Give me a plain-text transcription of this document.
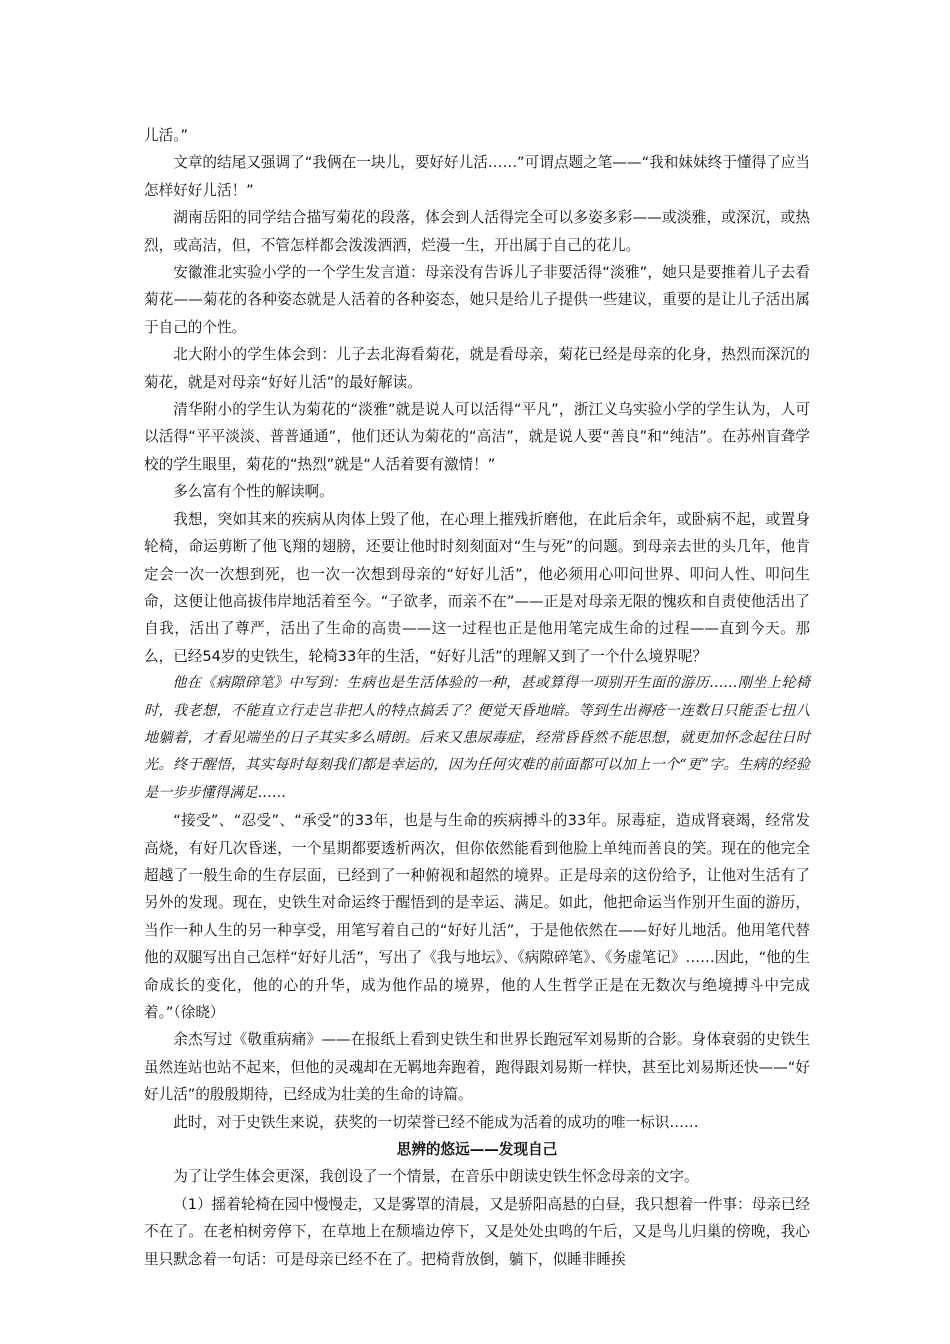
儿活。”

文章的结尾又强调了“我俩在一块儿，要好好儿活……”可谓点题之笔——“我和妹妹终于懂得了应当怎样好好儿活！”

湖南岳阳的同学结合描写菊花的段落，体会到人活得完全可以多姿多彩——或淡雅，或深沉，或热烈，或高洁，但，不管怎样都会泼泼洒洒，烂漫一生，开出属于自己的花儿。

安徽淮北实验小学的一个学生发言道：母亲没有告诉儿子非要活得“淡雅”，她只是要推着儿子去看菊花——菊花的各种姿态就是人活着的各种姿态，她只是给儿子提供一些建议，重要的是让儿子活出属于自己的个性。

北大附小的学生体会到：儿子去北海看菊花，就是看母亲，菊花已经是母亲的化身，热烈而深沉的菊花，就是对母亲“好好儿活”的最好解读。

清华附小的学生认为菊花的“淡雅”就是说人可以活得“平凡”，浙江义乌实验小学的学生认为，人可以活得“平平淡淡、普普通通”，他们还认为菊花的“高洁”，就是说人要“善良”和“纯洁”。在苏州盲聋学校的学生眼里，菊花的“热烈”就是“人活着要有激情！”

多么富有个性的解读啊。

我想，突如其来的疾病从肉体上毁了他，在心理上摧残折磨他，在此后余年，或卧病不起，或置身轮椅，命运剪断了他飞翔的翅膀，还要让他时时刻刻面对“生与死”的问题。到母亲去世的头几年，他肯定会一次一次想到死，也一次一次想到母亲的“好好儿活”，他必须用心叩问世界、叩问人性、叩问生命，这便让他高拔伟岸地活着至今。“子欲孝，而亲不在”——正是对母亲无限的愧疚和自责使他活出了自我，活出了尊严，活出了生命的高贵——这一过程也正是他用笔完成生命的过程——直到今天。那么，已经54岁的史铁生，轮椅33年的生活，“好好儿活”的理解又到了一个什么境界呢？

他在《病隙碎笔》中写到：生病也是生活体验的一种，甚或算得一项别开生面的游历……刚坐上轮椅时，我老想，不能直立行走岂非把人的特点搞丢了？便觉天昏地暗。等到生出褥疮一连数日只能歪七扭八地躺着，才看见端坐的日子其实多么晴朗。后来又患尿毒症，经常昏昏然不能思想，就更加怀念起往日时光。终于醒悟，其实每时每刻我们都是幸运的，因为任何灾难的前面都可以加上一个“更”字。生病的经验是一步步懂得满足……

“接受”、“忍受”、“承受”的33年，也是与生命的疾病搏斗的33年。尿毒症，造成肾衰竭，经常发高烧，有好几次昏迷，一个星期都要透析两次，但你依然能看到他脸上单纯而善良的笑。现在的他完全超越了一般生命的生存层面，已经到了一种俯视和超然的境界。正是母亲的这份给予，让他对生活有了另外的发现。现在，史铁生对命运终于醒悟到的是幸运、满足。如此，他把命运当作别开生面的游历，当作一种人生的另一种享受，用笔写着自己的“好好儿活”，于是他依然在——好好儿地活。他用笔代替他的双腿写出自己怎样“好好儿活”，写出了《我与地坛》、《病隙碎笔》、《务虚笔记》……因此，“他的生命成长的变化，他的心的升华，成为他作品的境界，他的人生哲学正是在无数次与绝境搏斗中完成着。”（徐晓）

余杰写过《敬重病痛》——在报纸上看到史铁生和世界长跑冠军刘易斯的合影。身体衰弱的史铁生虽然连站也站不起来，但他的灵魂却在无羁地奔跑着，跑得跟刘易斯一样快，甚至比刘易斯还快——“好好儿活”的殷殷期待，已经成为壮美的生命的诗篇。

此时，对于史铁生来说，获奖的一切荣誉已经不能成为活着的成功的唯一标识……

思辨的悠远——发现自己

为了让学生体会更深，我创设了一个情景，在音乐中朗读史铁生怀念母亲的文字。

（1）摇着轮椅在园中慢慢走，又是雾罩的清晨，又是骄阳高悬的白昼，我只想着一件事：母亲已经不在了。在老柏树旁停下，在草地上在颓墙边停下，又是处处虫鸣的午后，又是鸟儿归巢的傍晚，我心里只默念着一句话：可是母亲已经不在了。把椅背放倒，躺下，似睡非睡挨
